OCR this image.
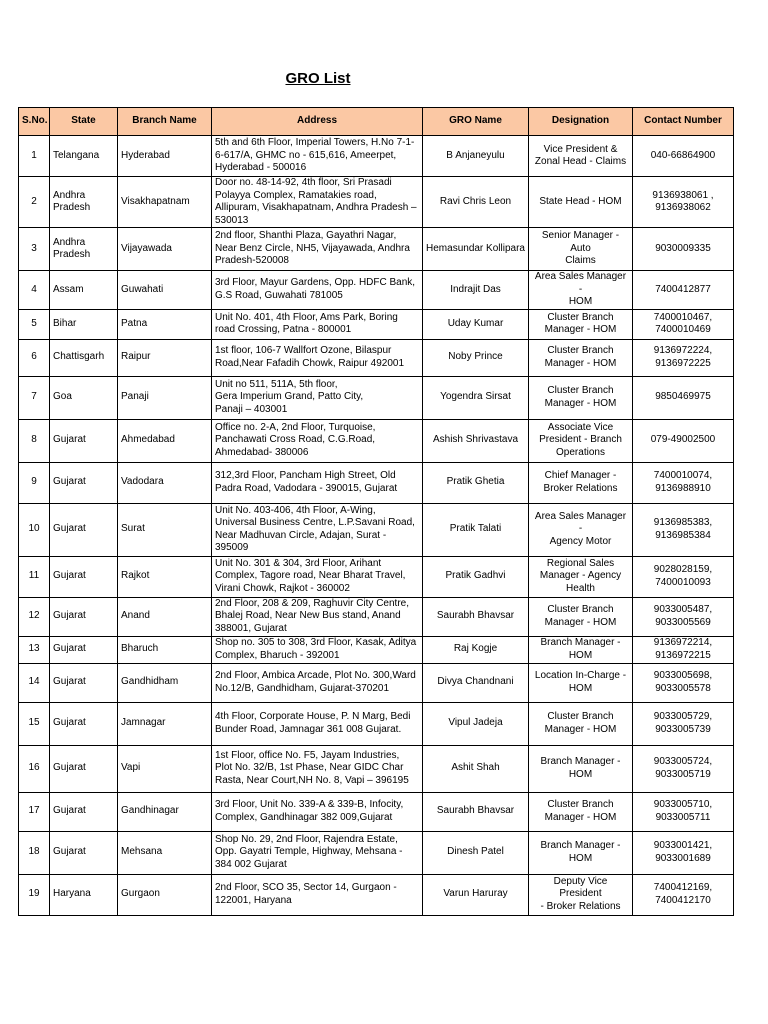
GRO List
S.No.	State	Branch Name	Address	GRO Name	Designation	Contact Number
1	Telangana	Hyderabad	5th and 6th Floor, Imperial Towers, H.No 7-1-
6-617/A, GHMC no - 615,616, Ameerpet,
Hyderabad - 500016	B Anjaneyulu	Vice President &
Zonal Head - Claims	040-66864900
2	Andhra
Pradesh	Visakhapatnam	Door no. 48-14-92, 4th floor, Sri Prasadi
Polayya Complex, Ramatakies road,
Allipuram, Visakhapatnam, Andhra Pradesh –
530013	Ravi Chris Leon	State Head - HOM	9136938061 ,
9136938062
3	Andhra
Pradesh	Vijayawada	2nd floor, Shanthi Plaza, Gayathri Nagar,
Near Benz Circle, NH5, Vijayawada, Andhra
Pradesh-520008	Hemasundar Kollipara	Senior Manager - Auto
Claims	9030009335
4	Assam	Guwahati	3rd Floor, Mayur Gardens, Opp. HDFC Bank,
G.S Road, Guwahati 781005	Indrajit Das	Area Sales Manager -
HOM	7400412877
5	Bihar	Patna	Unit No. 401, 4th Floor, Ams Park, Boring
road Crossing, Patna - 800001	Uday Kumar	Cluster Branch
Manager - HOM	7400010467,
7400010469
6	Chattisgarh	Raipur	1st floor, 106-7 Wallfort Ozone, Bilaspur
Road,Near Fafadih Chowk, Raipur 492001	Noby Prince	Cluster Branch
Manager - HOM	9136972224,
9136972225
7	Goa	Panaji	Unit no 511, 511A, 5th floor,
Gera Imperium Grand, Patto City,
Panaji – 403001	Yogendra Sirsat	Cluster Branch
Manager - HOM	9850469975
8	Gujarat	Ahmedabad	Office no. 2-A, 2nd Floor, Turquoise,
Panchawati Cross Road, C.G.Road,
Ahmedabad- 380006	Ashish Shrivastava	Associate Vice
President - Branch
Operations	079-49002500
9	Gujarat	Vadodara	312,3rd Floor, Pancham High Street, Old
Padra Road, Vadodara - 390015, Gujarat	Pratik Ghetia	Chief Manager -
Broker Relations	7400010074,
9136988910
10	Gujarat	Surat	Unit No. 403-406, 4th Floor, A-Wing,
Universal Business Centre, L.P.Savani Road,
Near Madhuvan Circle, Adajan, Surat -
395009	Pratik Talati	Area Sales Manager -
Agency Motor	9136985383,
9136985384
11	Gujarat	Rajkot	Unit No. 301 & 304, 3rd Floor, Arihant
Complex, Tagore road, Near Bharat Travel,
Virani Chowk, Rajkot - 360002	Pratik Gadhvi	Regional Sales
Manager - Agency
Health	9028028159,
7400010093
12	Gujarat	Anand	2nd Floor, 208 & 209, Raghuvir City Centre,
Bhalej Road, Near New Bus stand, Anand
388001, Gujarat	Saurabh Bhavsar	Cluster Branch
Manager - HOM	9033005487,
9033005569
13	Gujarat	Bharuch	Shop no. 305 to 308, 3rd Floor, Kasak, Aditya
Complex, Bharuch - 392001	Raj Kogje	Branch Manager -
HOM	9136972214,
9136972215
14	Gujarat	Gandhidham	2nd Floor, Ambica Arcade, Plot No. 300,Ward
No.12/B, Gandhidham, Gujarat-370201	Divya Chandnani	Location In-Charge -
HOM	9033005698,
9033005578
15	Gujarat	Jamnagar	4th Floor, Corporate House, P. N Marg, Bedi
Bunder Road, Jamnagar 361 008 Gujarat.	Vipul Jadeja	Cluster Branch
Manager - HOM	9033005729,
9033005739
16	Gujarat	Vapi	1st Floor, office No. F5, Jayam Industries,
Plot No. 32/B, 1st Phase, Near GIDC Char
Rasta, Near Court,NH No. 8, Vapi – 396195	Ashit Shah	Branch Manager -
HOM	9033005724,
9033005719
17	Gujarat	Gandhinagar	3rd Floor, Unit No. 339-A & 339-B, Infocity,
Complex, Gandhinagar 382 009,Gujarat	Saurabh Bhavsar	Cluster Branch
Manager - HOM	9033005710,
9033005711
18	Gujarat	Mehsana	Shop No. 29, 2nd Floor, Rajendra Estate,
Opp. Gayatri Temple, Highway, Mehsana -
384 002 Gujarat	Dinesh Patel	Branch Manager -
HOM	9033001421,
9033001689
19	Haryana	Gurgaon	2nd Floor, SCO 35, Sector 14, Gurgaon -
122001, Haryana	Varun Haruray	Deputy Vice President
- Broker Relations	7400412169,
7400412170
